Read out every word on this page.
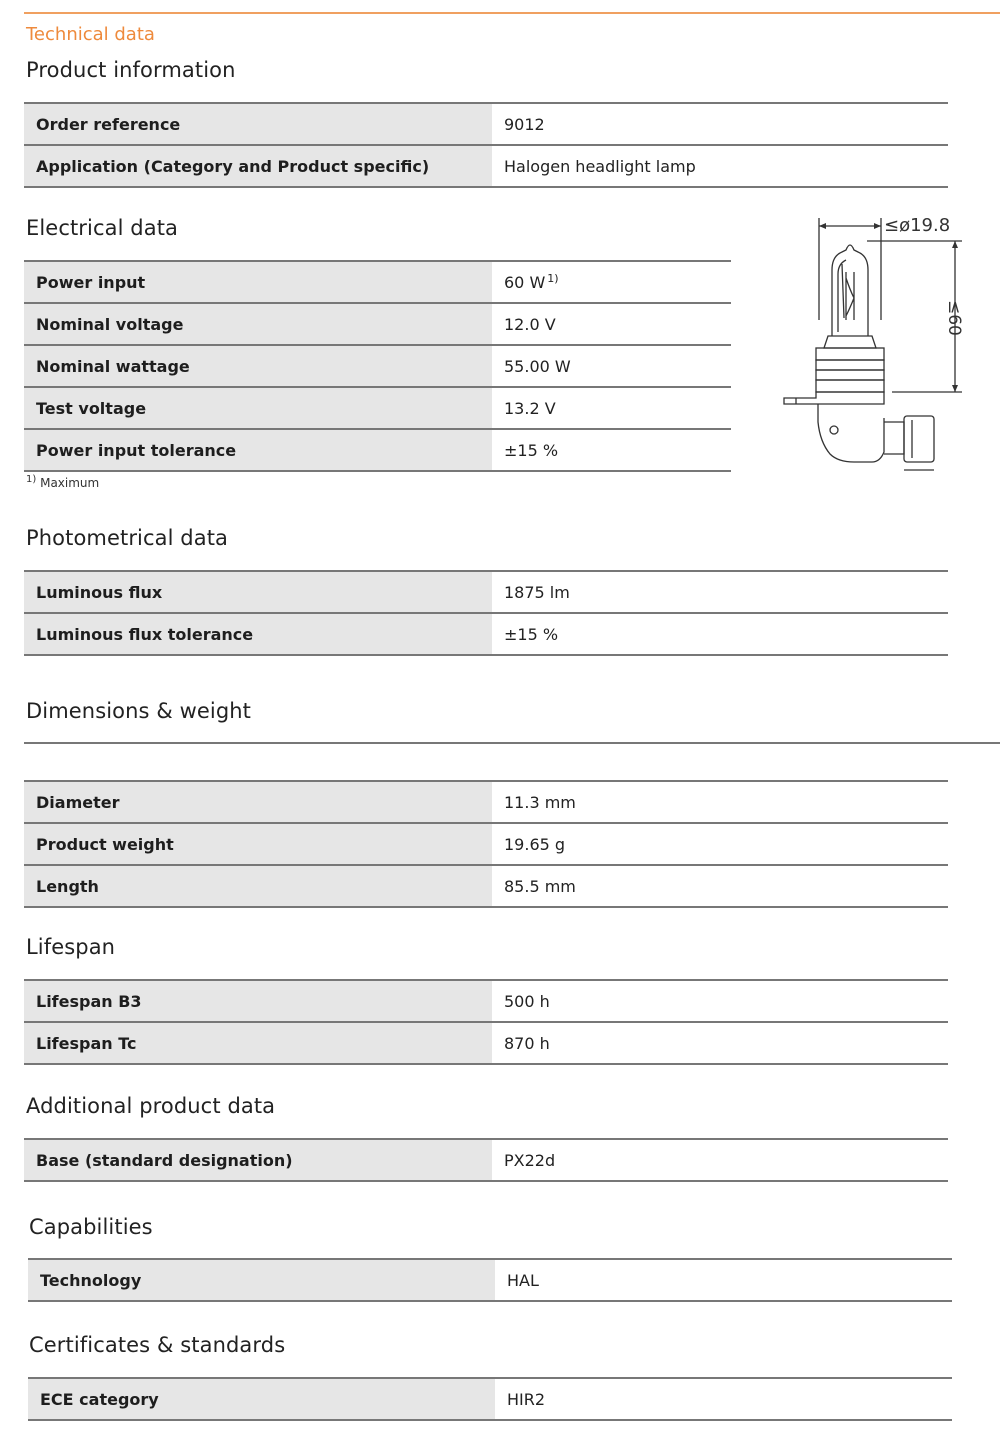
Technical data
Product information
Order reference	9012
Application (Category and Product specific)	Halogen headlight lamp
Electrical data
Power input	60 W $^{1)}$
Nominal voltage	12.0 V
Nominal wattage	55.00 W
Test voltage	13.2 V
Power input tolerance	±15 %
$^{1)}$ Maximum
≤ø19.8
≤60
Photometrical data
Luminous flux	1875 lm
Luminous flux tolerance	±15 %
Dimensions & weight
Diameter	11.3 mm
Product weight	19.65 g
Length	85.5 mm
Lifespan
Lifespan B3	500 h
Lifespan Tc	870 h
Additional product data
Base (standard designation)	PX22d
Capabilities
Technology	HAL
Certificates & standards
ECE category	HIR2
